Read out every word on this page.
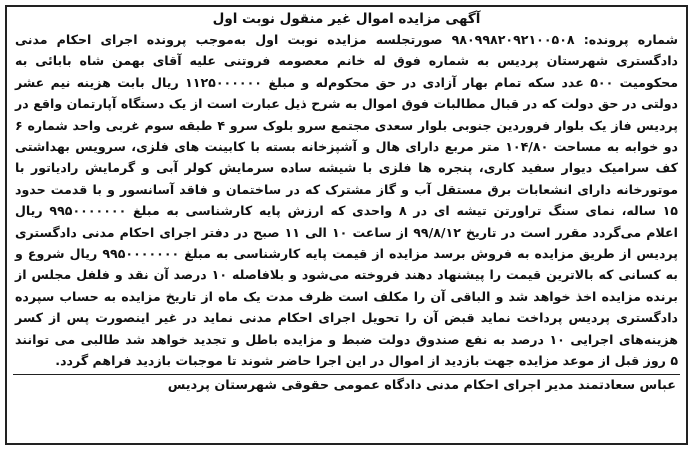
آگهی مزایده اموال غیر منقول نوبت اول
شماره پرونده: ۹۸۰۹۹۸۲۰۹۲۱۰۰۵۰۸ صورتجلسه مزایده نوبت اول به‌موجب پرونده اجرای احکام مدنی
دادگستری شهرستان پردیس به شماره فوق له خانم معصومه فروتنی علیه آقای بهمن شاه بابائی به
محکومیت ۵۰۰ عدد سکه تمام بهار آزادی در حق محکوم‌له و مبلغ ۱۱۲۵۰۰۰۰۰۰ ریال بابت هزینه نیم عشر
دولتی در حق دولت که در قبال مطالبات فوق اموال به شرح ذیل عبارت است از یک دستگاه آپارتمان واقع در
پردیس فاز یک بلوار فروردین جنوبی بلوار سعدی مجتمع سرو بلوک سرو ۴ طبقه سوم غربی واحد شماره ۶
دو خوابه به مساحت ۱۰۴/۸۰ متر مربع دارای هال و آشپزخانه بسته با کابینت های فلزی، سرویس بهداشتی
کف سرامیک دیوار سفید کاری، پنجره ها فلزی با شیشه ساده سرمایش کولر آبی و گرمایش رادیاتور با
موتورخانه دارای انشعابات برق مستقل آب و گاز مشترک که در ساختمان و فاقد آسانسور و با قدمت حدود
۱۵ ساله، نمای سنگ تراورتن تیشه ای در ۸ واحدی که ارزش پایه کارشناسی به مبلغ ۹۹۵۰۰۰۰۰۰۰ ریال
اعلام می‌گردد مقرر است در تاریخ ۹۹/۸/۱۲ از ساعت ۱۰ الی ۱۱ صبح در دفتر اجرای احکام مدنی دادگستری
پردیس از طریق مزایده به فروش برسد مزایده از قیمت پایه کارشناسی به مبلغ ۹۹۵۰۰۰۰۰۰۰ ریال شروع و
به کسانی که بالاترین قیمت را پیشنهاد دهند فروخته می‌شود و بلافاصله ۱۰ درصد آن نقد و فلفل مجلس از
برنده مزایده اخذ خواهد شد و الباقی آن را مکلف است ظرف مدت یک ماه از تاریخ مزایده به حساب سپرده
دادگستری پردیس پرداخت نماید قبض آن را تحویل اجرای احکام مدنی نماید در غیر اینصورت پس از کسر
هزینه‌های اجرایی ۱۰ درصد به نفع صندوق دولت ضبط و مزایده باطل و تجدید خواهد شد طالبی می توانند
۵ روز قبل از موعد مزایده جهت بازدید از اموال در این اجرا حاضر شوند تا موجبات بازدید فراهم گردد.
عباس سعادتمند مدیر اجرای احکام مدنی دادگاه عمومی حقوقی شهرستان پردیس
